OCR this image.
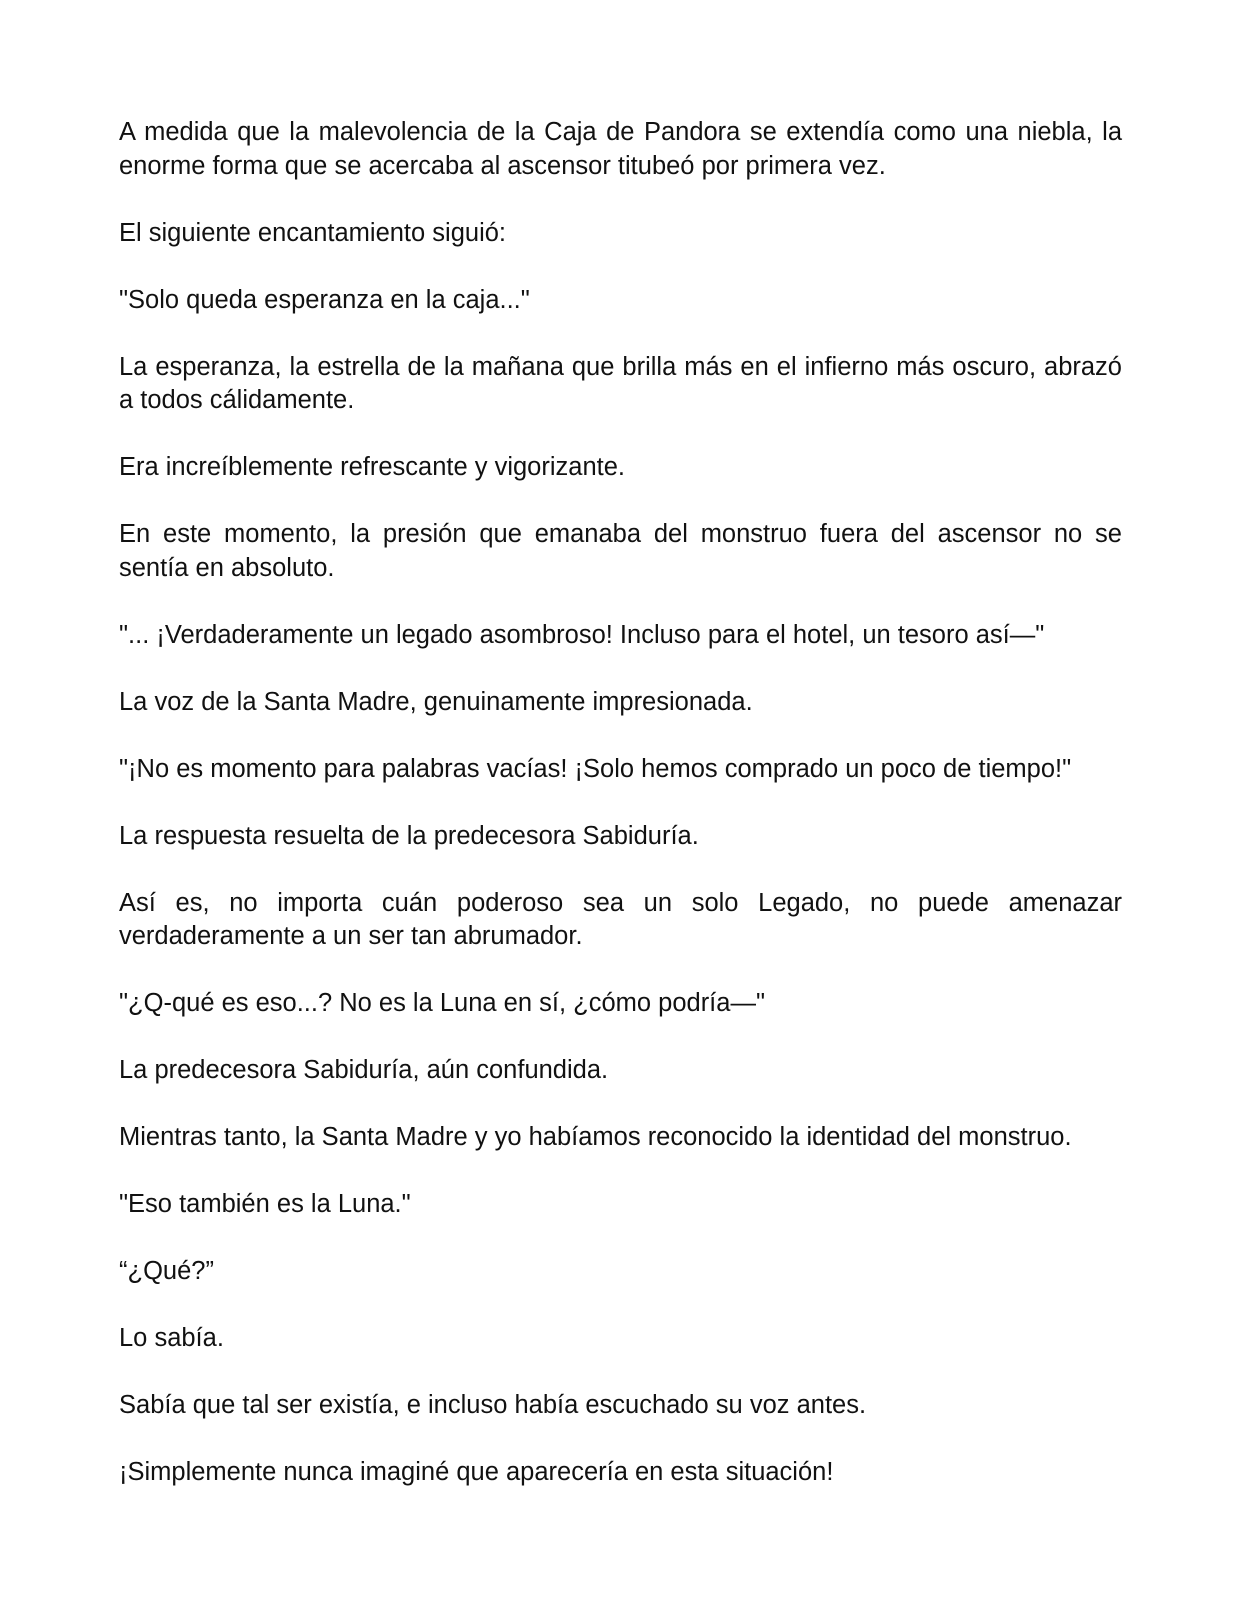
A medida que la malevolencia de la Caja de Pandora se extendía como una niebla, la enorme forma que se acercaba al ascensor titubeó por primera vez.

El siguiente encantamiento siguió:

"Solo queda esperanza en la caja..."

La esperanza, la estrella de la mañana que brilla más en el infierno más oscuro, abrazó a todos cálidamente.

Era increíblemente refrescante y vigorizante.

En este momento, la presión que emanaba del monstruo fuera del ascensor no se sentía en absoluto.

"... ¡Verdaderamente un legado asombroso! Incluso para el hotel, un tesoro así—"

La voz de la Santa Madre, genuinamente impresionada.

"¡No es momento para palabras vacías! ¡Solo hemos comprado un poco de tiempo!"

La respuesta resuelta de la predecesora Sabiduría.

Así es, no importa cuán poderoso sea un solo Legado, no puede amenazar verdaderamente a un ser tan abrumador.

"¿Q-qué es eso...? No es la Luna en sí, ¿cómo podría—"

La predecesora Sabiduría, aún confundida.

Mientras tanto, la Santa Madre y yo habíamos reconocido la identidad del monstruo.

"Eso también es la Luna."

“¿Qué?”

Lo sabía.

Sabía que tal ser existía, e incluso había escuchado su voz antes.

¡Simplemente nunca imaginé que aparecería en esta situación!
